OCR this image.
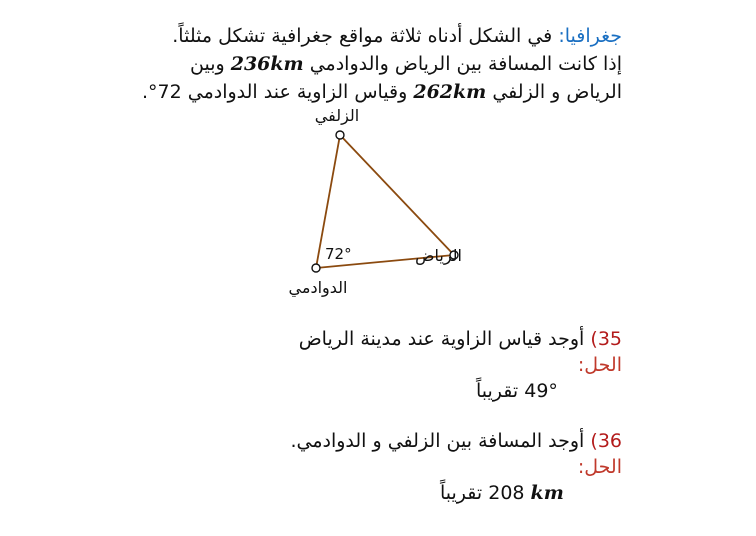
جغرافيا: في الشكل أدناه ثلاثة مواقع جغرافية تشكل مثلثاً.
إذا كانت المسافة بين الرياض والدوادمي 236km وبين
الرياض و الزلفي 262km وقياس الزاوية عند الدوادمي 72°.
الزلفي
الرياض
الدوادمي
72°
35) أوجد قياس الزاوية عند مدينة الرياض
الحل:
49° تقريباً
36) أوجد المسافة بين الزلفي و الدوادمي.
الحل:
208 تقريباً km
